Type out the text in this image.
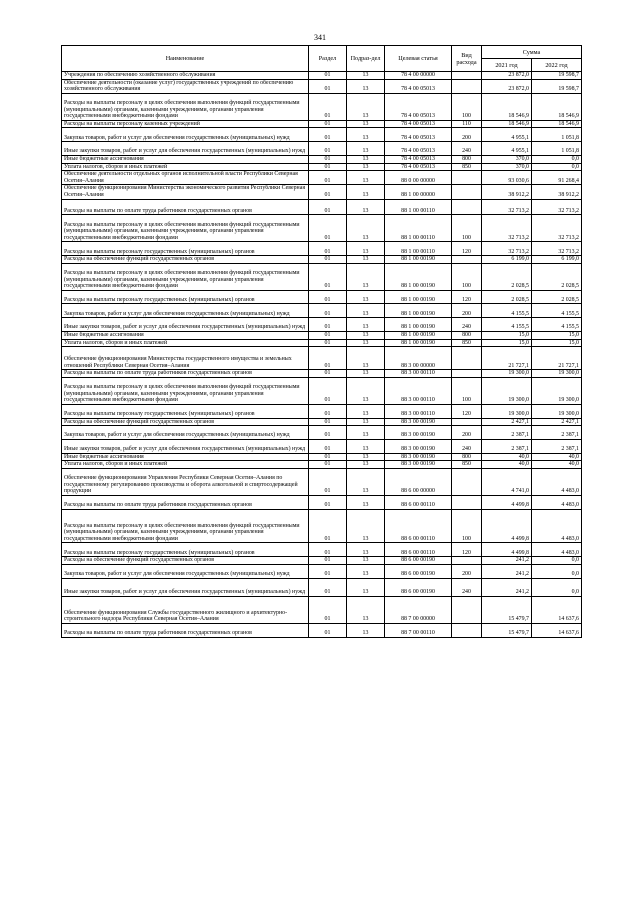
341
Наименование	Раздел	Подраз-дел	Целевая статья	Вид расхода	Сумма	
					2021 год	2022 год
Учреждения по обеспечению хозяйственного обслуживания	01	13	78 4 00 00000		23 872,0	19 598,7
Обеспечение деятельности (оказание услуг) государственных учреждений по обеспечению хозяйственного обслуживания	01	13	78 4 00 05013		23 872,0	19 598,7
Расходы на выплаты персоналу в целях обеспечения выполнения функций государственными (муниципальными) органами, казенными учреждениями, органами управления государственными внебюджетными фондами	01	13	78 4 00 05013	100	18 546,9	18 546,9
Расходы на выплаты персоналу казенных учреждений	01	13	78 4 00 05013	110	18 546,9	18 546,9
Закупка товаров, работ и услуг для обеспечения государственных (муниципальных) нужд	01	13	78 4 00 05013	200	4 955,1	1 051,8
Иные закупки товаров, работ и услуг для обеспечения государственных (муниципальных) нужд	01	13	78 4 00 05013	240	4 955,1	1 051,8
Иные бюджетные ассигнования	01	13	78 4 00 05013	800	370,0	0,0
Уплата налогов, сборов и иных платежей	01	13	78 4 00 05013	850	370,0	0,0
Обеспечение деятельности отдельных органов исполнительной власти Республики Северная Осетия–Алания	01	13	88 0 00 00000		93 030,6	91 268,4
Обеспечение функционирования Министерства экономического развития Республики Северная Осетия–Алания	01	13	88 1 00 00000		38 912,2	38 912,2
Расходы на выплаты по оплате труда работников государственных органов	01	13	88 1 00 00110		32 713,2	32 713,2
Расходы на выплаты персоналу в целях обеспечения выполнения функций государственными (муниципальными) органами, казенными учреждениями, органами управления государственными внебюджетными фондами	01	13	88 1 00 00110	100	32 713,2	32 713,2
Расходы на выплаты персоналу государственных (муниципальных) органов	01	13	88 1 00 00110	120	32 713,2	32 713,2
Расходы на обеспечение функций государственных органов	01	13	88 1 00 00190		6 199,0	6 199,0
Расходы на выплаты персоналу в целях обеспечения выполнения функций государственными (муниципальными) органами, казенными учреждениями, органами управления государственными внебюджетными фондами	01	13	88 1 00 00190	100	2 028,5	2 028,5
Расходы на выплаты персоналу государственных (муниципальных) органов	01	13	88 1 00 00190	120	2 028,5	2 028,5
Закупка товаров, работ и услуг для обеспечения государственных (муниципальных) нужд	01	13	88 1 00 00190	200	4 155,5	4 155,5
Иные закупки товаров, работ и услуг для обеспечения государственных (муниципальных) нужд	01	13	88 1 00 00190	240	4 155,5	4 155,5
Иные бюджетные ассигнования	01	13	88 1 00 00190	800	15,0	15,0
Уплата налогов, сборов и иных платежей	01	13	88 1 00 00190	850	15,0	15,0
Обеспечение функционирования Министерства государственного имущества и земельных отношений Республики Северная Осетия–Алания	01	13	88 3 00 00000		21 727,1	21 727,1
Расходы на выплаты по оплате труда работников государственных органов	01	13	88 3 00 00110		19 300,0	19 300,0
Расходы на выплаты персоналу в целях обеспечения выполнения функций государственными (муниципальными) органами, казенными учреждениями, органами управления государственными внебюджетными фондами	01	13	88 3 00 00110	100	19 300,0	19 300,0
Расходы на выплаты персоналу государственных (муниципальных) органов	01	13	88 3 00 00110	120	19 300,0	19 300,0
Расходы на обеспечение функций государственных органов	01	13	88 3 00 00190		2 427,1	2 427,1
Закупка товаров, работ и услуг для обеспечения государственных (муниципальных) нужд	01	13	88 3 00 00190	200	2 387,1	2 387,1
Иные закупки товаров, работ и услуг для обеспечения государственных (муниципальных) нужд	01	13	88 3 00 00190	240	2 387,1	2 387,1
Иные бюджетные ассигнования	01	13	88 3 00 00190	800	40,0	40,0
Уплата налогов, сборов и иных платежей	01	13	88 3 00 00190	850	40,0	40,0
Обеспечение функционирования Управления Республики Северная Осетия–Алания по государственному регулированию производства и оборота алкогольной и спиртосодержащей продукции	01	13	88 6 00 00000		4 741,0	4 483,0
Расходы на выплаты по оплате труда работников государственных органов	01	13	88 6 00 00110		4 499,8	4 483,0
Расходы на выплаты персоналу в целях обеспечения выполнения функций государственными (муниципальными) органами, казенными учреждениями, органами управления государственными внебюджетными фондами	01	13	88 6 00 00110	100	4 499,8	4 483,0
Расходы на выплаты персоналу государственных (муниципальных) органов	01	13	88 6 00 00110	120	4 499,8	4 483,0
Расходы на обеспечение функций государственных органов	01	13	88 6 00 00190		241,2	0,0
Закупка товаров, работ и услуг для обеспечения государственных (муниципальных) нужд	01	13	88 6 00 00190	200	241,2	0,0
Иные закупки товаров, работ и услуг для обеспечения государственных (муниципальных) нужд	01	13	88 6 00 00190	240	241,2	0,0
Обеспечение функционирования Службы государственного жилищного и архитектурно-строительного надзора Республики Северная Осетия–Алания	01	13	88 7 00 00000		15 479,7	14 637,6
Расходы на выплаты по оплате труда работников государственных органов	01	13	88 7 00 00110		15 479,7	14 637,6
